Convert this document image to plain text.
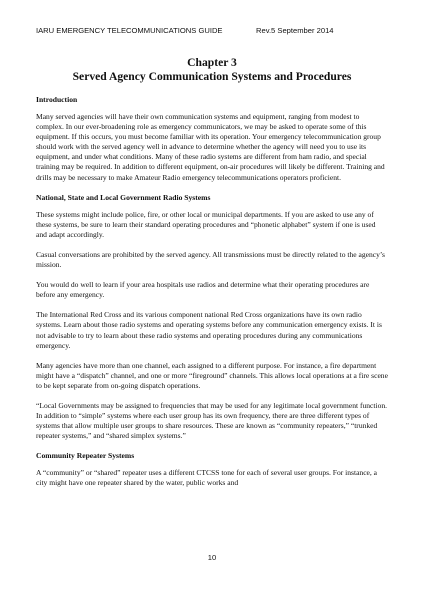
IARU EMERGENCY TELECOMMUNICATIONS GUIDE	Rev.5 September 2014
Chapter 3
Served Agency Communication Systems and Procedures
Introduction

Many served agencies will have their own communication systems and equipment, ranging from modest to complex. In our ever-broadening role as emergency communicators, we may be asked to operate some of this equipment. If this occurs, you must become familiar with its operation. Your emergency telecommunication group should work with the served agency well in advance to determine whether the agency will need you to use its equipment, and under what conditions. Many of these radio systems are different from ham radio, and special training may be required. In addition to different equipment, on-air procedures will likely be different. Training and drills may be necessary to make Amateur Radio emergency telecommunications operators proficient.

National, State and Local Government Radio Systems

These systems might include police, fire, or other local or municipal departments. If you are asked to use any of these systems, be sure to learn their standard operating procedures and “phonetic alphabet” system if one is used and adapt accordingly.

Casual conversations are prohibited by the served agency. All transmissions must be directly related to the agency’s mission.

You would do well to learn if your area hospitals use radios and determine what their operating procedures are before any emergency.

The International Red Cross and its various component national Red Cross organizations have its own radio systems. Learn about those radio systems and operating systems before any communication emergency exists. It is not advisable to try to learn about these radio systems and operating procedures during any communications emergency.

Many agencies have more than one channel, each assigned to a different purpose. For instance, a fire department might have a “dispatch” channel, and one or more “fireground” channels. This allows local operations at a fire scene to be kept separate from on-going dispatch operations.

“Local Governments may be assigned to frequencies that may be used for any legitimate local government function. In addition to “simple” systems where each user group has its own frequency, there are three different types of systems that allow multiple user groups to share resources. These are known as “community repeaters,” “trunked repeater systems,” and “shared simplex systems.”

Community Repeater Systems

A “community” or “shared” repeater uses a different CTCSS tone for each of several user groups. For instance, a city might have one repeater shared by the water, public works and

10
